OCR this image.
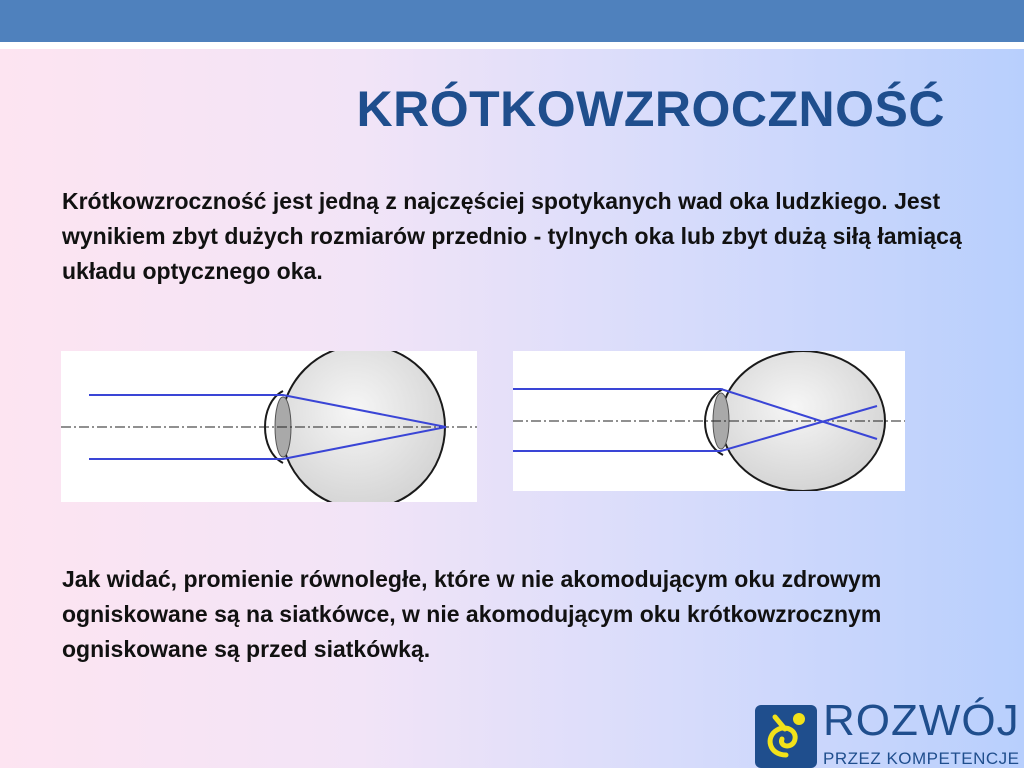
KRÓTKOWZROCZNOŚĆ

Krótkowzroczność jest jedną z najczęściej spotykanych wad oka ludzkiego. Jest wynikiem zbyt dużych rozmiarów przednio - tylnych oka lub zbyt dużą siłą łamiącą układu optycznego oka.

Jak widać, promienie równoległe, które w nie akomodującym oku zdrowym ogniskowane są na siatkówce, w nie akomodującym oku krótkowzrocznym ogniskowane są przed siatkówką.

ROZWÓJ
PRZEZ KOMPETENCJE
